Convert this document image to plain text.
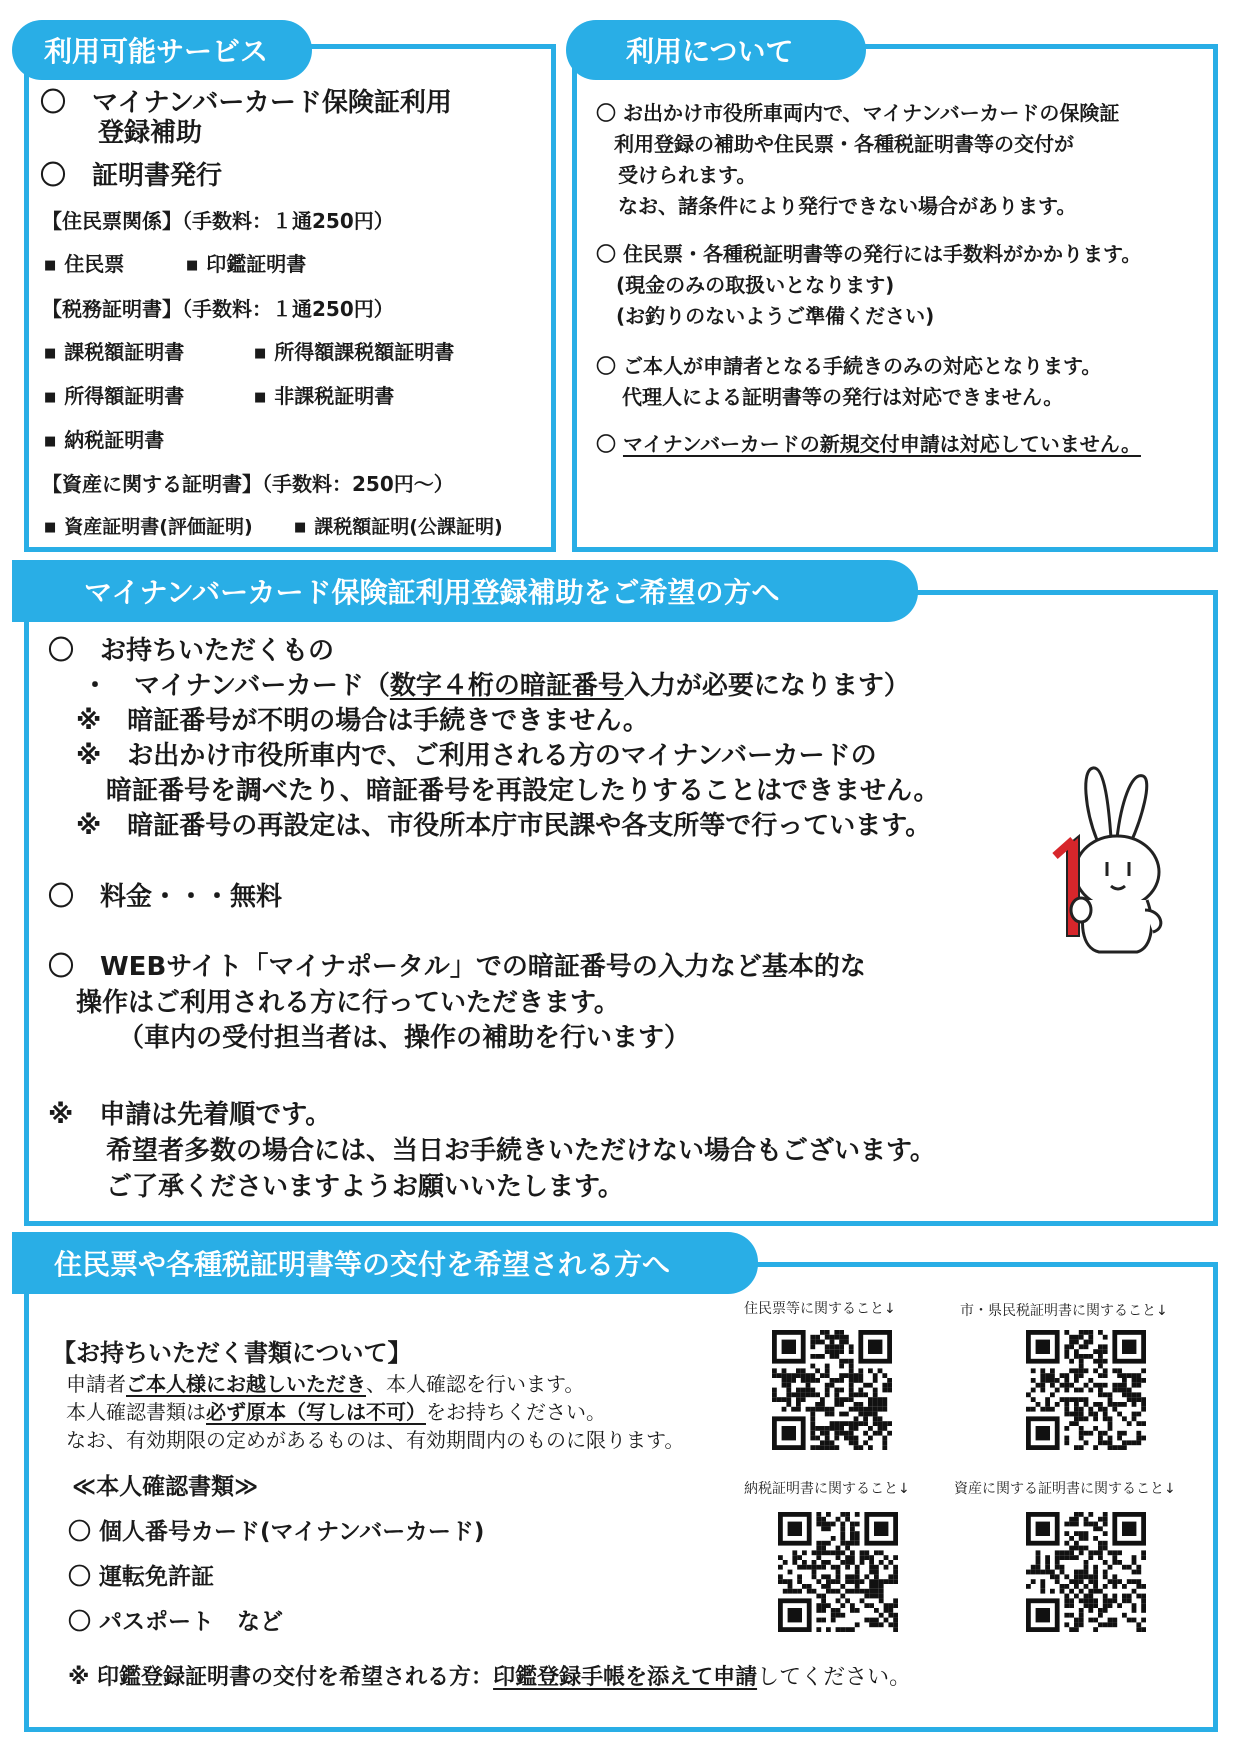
利用可能サービス
〇　マイナンバーカード保険証利用
登録補助
〇　証明書発行
【住民票関係】（手数料：１通250円）
■ 住民票	■ 印鑑証明書
【税務証明書】（手数料：１通250円）
■ 課税額証明書	■ 所得額課税額証明書
■ 所得額証明書	■ 非課税証明書
■ 納税証明書
【資産に関する証明書】（手数料：250円～）
■ 資産証明書(評価証明)	■ 課税額証明(公課証明)
利用について
〇 お出かけ市役所車両内で、マイナンバーカードの保険証
利用登録の補助や住民票・各種税証明書等の交付が
受けられます。
なお、諸条件により発行できない場合があります。
〇 住民票・各種税証明書等の発行には手数料がかかります。
(現金のみの取扱いとなります)
(お釣りのないようご準備ください)
〇 ご本人が申請者となる手続きのみの対応となります。
代理人による証明書等の発行は対応できません。
〇 マイナンバーカードの新規交付申請は対応していません。
マイナンバーカード保険証利用登録補助をご希望の方へ
〇　お持ちいただくもの
・　マイナンバーカード（数字４桁の暗証番号入力が必要になります）
※　暗証番号が不明の場合は手続きできません。
※　お出かけ市役所車内で、ご利用される方のマイナンバーカードの
暗証番号を調べたり、暗証番号を再設定したりすることはできません。
※　暗証番号の再設定は、市役所本庁市民課や各支所等で行っています。
〇　料金・・・無料
〇　WEBサイト「マイナポータル」での暗証番号の入力など基本的な
操作はご利用される方に行っていただきます。
（車内の受付担当者は、操作の補助を行います）
※　申請は先着順です。
希望者多数の場合には、当日お手続きいただけない場合もございます。
ご了承くださいますようお願いいたします。
住民票や各種税証明書等の交付を希望される方へ
【お持ちいただく書類について】
申請者ご本人様にお越しいただき、本人確認を行います。
本人確認書類は必ず原本（写しは不可）をお持ちください。
なお、有効期限の定めがあるものは、有効期間内のものに限ります。
≪本人確認書類≫
〇 個人番号カード(マイナンバーカード)
〇 運転免許証
〇 パスポート　など
※ 印鑑登録証明書の交付を希望される方：印鑑登録手帳を添えて申請してください。
住民票等に関すること↓	市・県民税証明書に関すること↓
納税証明書に関すること↓	資産に関する証明書に関すること↓
